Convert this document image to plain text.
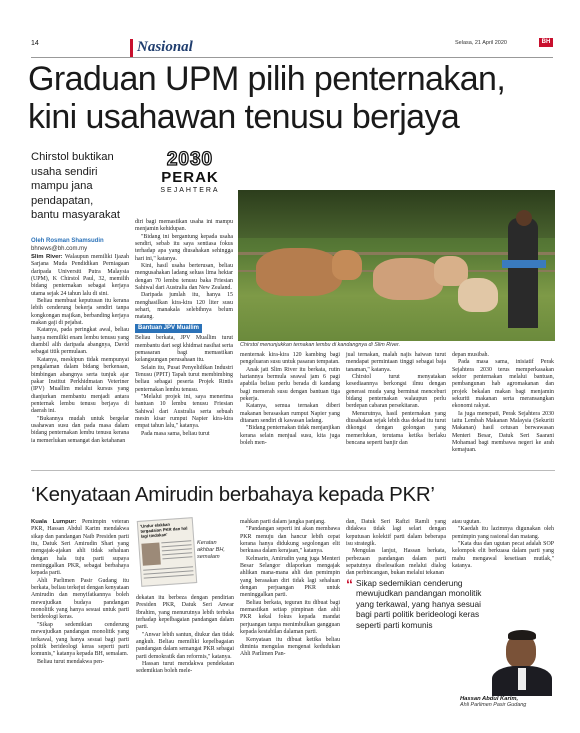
14	Nasional	Selasa, 21 April 2020	BH
Graduan UPM pilih penternakan,
kini usahawan tenusu berjaya
Chirstol buktikan
usaha sendiri
mampu jana
pendapatan,
bantu masyarakat
2030
PERAK
SEJAHTERA
Oleh Rosman Shamsudin
bhnews@bh.com.my
Chirstol menunjukkan ternakan lembu di kandangnya di Slim River.

Slim River: Walaupun memiliki Ijazah Sarjana Muda Pendidikan Perniagaan daripada Universiti Putra Malaysia (UPM), K Chirstol Paul, 32, memilih bidang penternakan sebagai kerjaya utama sejak 24 tahun lalu di sini.

Beliau membuat keputusan itu kerana lebih cenderung bekerja sendiri tanpa kongkongan majikan, berbanding kerjaya makan gaji di pejabat.

Katanya, pada peringkat awal, beliau hanya memiliki enam lembu tenusu yang diambil alih daripada abangnya, David sebagai titik permulaan.

Katanya, meskipun tidak mempunyai pengalaman dalam bidang berkenaan, bimbingan abangnya serta tunjuk ajar pakar Institut Perkhidmatan Veteriner (IPV) Muallim melalui kursus yang dianjurkan membantu menjadi antara penternak lembu tenusu berjaya di daerah ini.

"Bukannya mudah untuk bergelar usahawan susu dan pada masa dalam bidang penternakan lembu tenusu kerana ia memerlukan semangat dan ketahanan

diri bagi memastikan usaha ini mampu menjamin kehidupan.

"Bidang ini bergantung kepada usaha sendiri, sebab itu saya sentiasa fokus terhadap apa yang diusahakan sehingga hari ini," katanya.

Kini, hasil usaha berterusan, beliau mengusahakan ladang seluas lima hektar dengan 70 lembu tenusu baka Friesian Sahiwal dari Australia dan New Zealand.

Daripada jumlah itu, hanya 15 menghasilkan kira-kira 120 liter susu sehari, manakala selebihnya belum matang.

Bantuan JPV Muallim

Beliau berkata, JPV Muallim turut membantu dari segi khidmat nasihat serta pemasaran bagi memastikan kelangsungan perusahaan itu.

Selain itu, Pusat Penyelidikan Industri Tenusu (PPIT) Tapah turut membimbing beliau sebagai peserta Projek Rintis penternakan lembu tenusu.

"Melalui projek ini, saya menerima bantuan 10 lembu tenusu Friesian Sahiwal dari Australia serta sebuah mesin kisar rumput Napier kira-kira empat tahun lalu," katanya.

Pada masa sama, beliau turut

menternak kira-kira 120 kambing bagi pengeluaran susu untuk pasaran tempatan.

Anak jati Slim River itu berkata, rutin hariannya bermula seawal jam 6 pagi apabila beliau perlu berada di kandang bagi memerah susu dengan bantuan tiga pekerja.

Katanya, semua ternakan diberi makanan berasaskan rumput Napier yang ditanam sendiri di kawasan ladang.

"Bidang penternakan tidak menjanjikan kerana selain menjual susu, kita juga boleh men-

jual ternakan, malah najis haiwan turut mendapat permintaan tinggi sebagai baja tanaman," katanya.

Chirstol turut menyatakan kesediaannya berkongsi ilmu dengan generasi muda yang berminat menceburi bidang penternakan walaupun perlu berdepan cabaran persekitaran.

Menurutnya, hasil penternakan yang diusahakan sejak lebih dua dekad itu turut dikongsi dengan golongan yang memerlukan, terutama ketika berlaku bencana seperti banjir dan

depan musibah.

Pada masa sama, inisiatif Perak Sejahtera 2030 terus memperkasakan sektor penternakan melalui bantuan, pembangunan hab agromakanan dan projek bekalan makan bagi menjamin sekuriti makanan serta meransangkan ekonomi rakyat.

Ia juga menepati, Perak Sejahtera 2030 iaitu Lembah Makanan Malaysia (Sekuriti Makanan) hasil cetusan berwawasan Menteri Besar, Datuk Seri Saarani Mohamad bagi membawa negeri ke arah kemajuan.

‘Kenyataan Amirudin berbahaya kepada PKR’

Kuala Lumpur: Pemimpin veteran PKR, Hassan Abdul Karim mendakwa sikap dan pandangan Naib Presiden parti itu, Datuk Seri Amirudin Shari yang mengajak-ajakan ahli tidak sehaluan dengan hala tuju parti supaya meninggalkan PKR, sebagai berbahaya kepada parti.

Ahli Parlimen Pasir Gudang itu berkata, beliau terkejut dengan kenyataan Amirudin dan menyifatkannya boleh mewujudkan budaya pandangan monolitik yang hanya sesuai untuk parti berideologi keras.

"Sikap sedemikian cenderung mewujudkan pandangan monolitik yang terkawal, yang hanya sesuai bagi parti politik berideologi keras seperti parti komunis," katanya kepada BH, semalam.

Beliau turut mendakwa pen-

'Undur elakkan tergadaian PKR dan hal lagi tindakan'
Keratan
akhbar BH,
semalam

dekatan itu berbeza dengan pendirian Presiden PKR, Datuk Seri Anwar Ibrahim, yang menurutnya lebih terbuka terhadap kepelbagaian pandangan dalam parti.

"Anwar lebih santun, diukur dan tidak angkuh. Beliau memiliki kepelbagaian pandangan dalam semangat PKR sebagai parti demokratik dan reformis," katanya.

Hassan turut mendakwa pendekatan sedemikian boleh mele-

mahkan parti dalam jangka panjang.

"Pandangan seperti ini akan membawa PKR menuju dan hancur lebih cepat kerana hanya didukung segolongan elit berkuasa dalam kerajaan," katanya.

Kelmarin, Amirudin yang juga Menteri Besar Selangor dilaporkan mengajak ahlikan mana-mana ahli dan pemimpin yang berasakan diri tidak lagi sehaluan dengan perjuangan PKR untuk meninggalkan parti.

Beliau berkata, teguran itu dibuat bagi memastikan setiap pimpinan dan ahli PKR kekal fokus kepada mandat perjuangan tanpa menimbulkan gangguan kepada kestabilan dalaman parti.

Kenyataan itu dibuat ketika beliau diminta mengulas mengenai kedudukan Ahli Parlimen Pan-

dan, Datuk Seri Rafizi Ramli yang didakwa tidak lagi selari dengan keputusan kolektif parti dalam beberapa isu strategik.

Mengulas lanjut, Hassan berkata, perbezaan pandangan dalam parti sepatutnya diselesaikan melalui dialog dan perbincangan, bukan melalui tekanan

atau ugutan.

"Kaedah itu lazimnya digunakan oleh pemimpin yang rasional dan matang.

"Kata dua dan ugutan pecat adalah SOP kelompok elit berkuasa dalam parti yang mahu mengawal kesetiaan mutlak," katanya.

“ Sikap sedemikian cenderung mewujudkan pandangan monolitik yang terkawal, yang hanya sesuai bagi parti politik berideologi keras seperti parti komunis
Hassan Abdul Karim,
Ahli Parlimen Pasir Gudang
